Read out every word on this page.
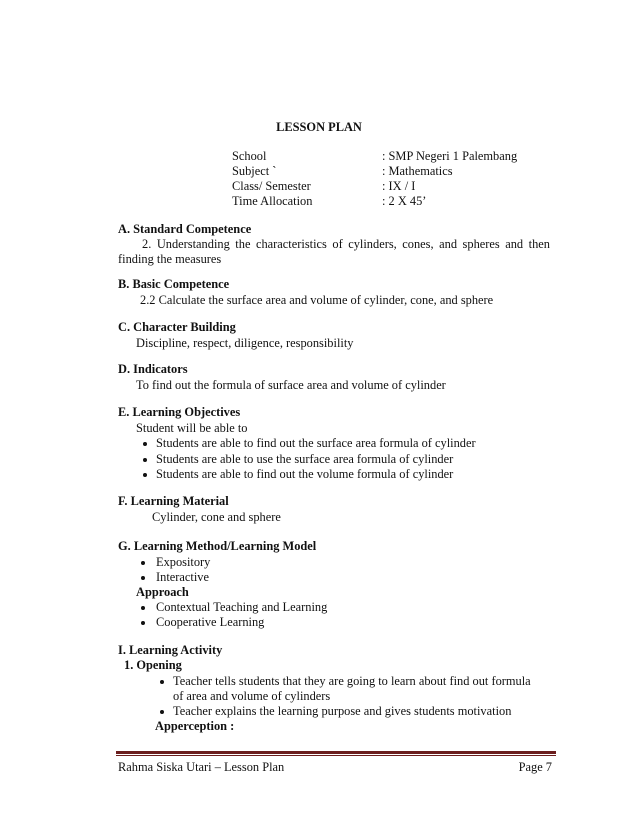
LESSON PLAN
School	: SMP Negeri 1 Palembang
Subject `	: Mathematics
Class/ Semester	: IX / I
Time Allocation	: 2 X 45’
A. Standard Competence
2. Understanding the characteristics of cylinders, cones, and spheres and then finding the measures
B. Basic Competence
2.2 Calculate the surface area and volume of cylinder, cone, and sphere
C. Character Building
Discipline, respect, diligence, responsibility
D. Indicators
To find out the formula of surface area and volume of cylinder
E. Learning Objectives
Student will be able to
Students are able to find out the surface area formula of cylinder
Students are able to use the surface area formula of cylinder
Students are able to find out the volume formula of cylinder
F. Learning Material
Cylinder, cone and sphere
G. Learning Method/Learning Model
Expository
Interactive
Approach
Contextual Teaching and Learning
Cooperative Learning
I. Learning Activity
1. Opening
Teacher tells students that they are going to learn about find out formula
of area and volume of cylinders
Teacher explains the learning purpose and gives students motivation
Apperception :
Rahma Siska Utari – Lesson Plan	Page 7
